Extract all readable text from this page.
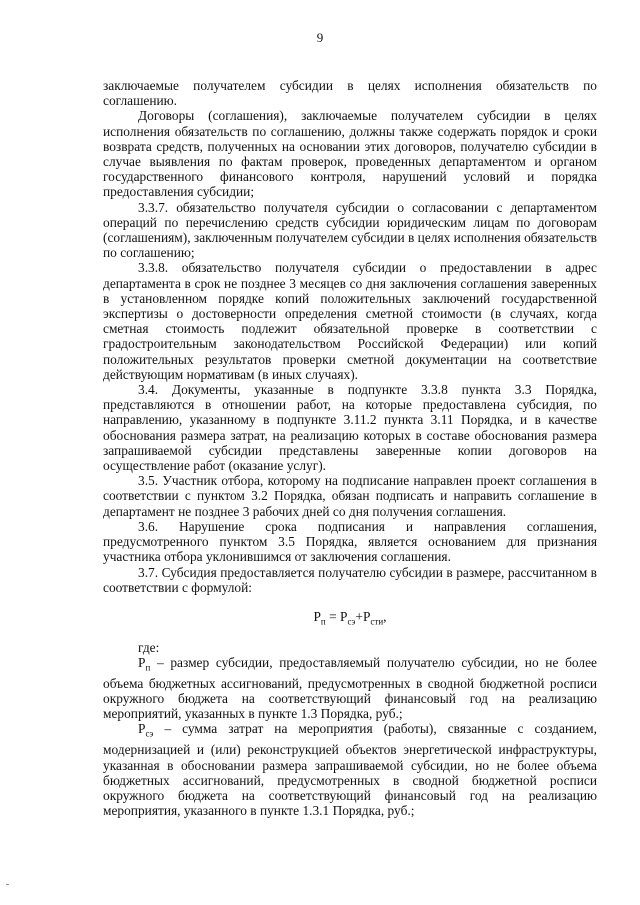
9

заключаемые получателем субсидии в целях исполнения обязательств по соглашению.

Договоры (соглашения), заключаемые получателем субсидии в целях исполнения обязательств по соглашению, должны также содержать порядок и сроки возврата средств, полученных на основании этих договоров, получателю субсидии в случае выявления по фактам проверок, проведенных департаментом и органом государственного финансового контроля, нарушений условий и порядка предоставления субсидии;

3.3.7. обязательство получателя субсидии о согласовании с департаментом операций по перечислению средств субсидии юридическим лицам по договорам (соглашениям), заключенным получателем субсидии в целях исполнения обязательств по соглашению;

3.3.8. обязательство получателя субсидии о предоставлении в адрес департамента в срок не позднее 3 месяцев со дня заключения соглашения заверенных в установленном порядке копий положительных заключений государственной экспертизы о достоверности определения сметной стоимости (в случаях, когда сметная стоимость подлежит обязательной проверке в соответствии с градостроительным законодательством Российской Федерации) или копий положительных результатов проверки сметной документации на соответствие действующим нормативам (в иных случаях).

3.4. Документы, указанные в подпункте 3.3.8 пункта 3.3 Порядка, представляются в отношении работ, на которые предоставлена субсидия, по направлению, указанному в подпункте 3.11.2 пункта 3.11 Порядка, и в качестве обоснования размера затрат, на реализацию которых в составе обоснования размера запрашиваемой субсидии представлены заверенные копии договоров на осуществление работ (оказание услуг).

3.5. Участник отбора, которому на подписание направлен проект соглашения в соответствии с пунктом 3.2 Порядка, обязан подписать и направить соглашение в департамент не позднее 3 рабочих дней со дня получения соглашения.

3.6. Нарушение срока подписания и направления соглашения, предусмотренного пунктом 3.5 Порядка, является основанием для признания участника отбора уклонившимся от заключения соглашения.

3.7. Субсидия предоставляется получателю субсидии в размере, рассчитанном в соответствии с формулой:

$P_п = P_{сэ}+P_{сти}$,

где:

$P_п$ – размер субсидии, предоставляемый получателю субсидии, но не более объема бюджетных ассигнований, предусмотренных в сводной бюджетной росписи окружного бюджета на соответствующий финансовый год на реализацию мероприятий, указанных в пункте 1.3 Порядка, руб.;

$P_{сэ}$ – сумма затрат на мероприятия (работы), связанные с созданием, модернизацией и (или) реконструкцией объектов энергетической инфраструктуры, указанная в обосновании размера запрашиваемой субсидии, но не более объема бюджетных ассигнований, предусмотренных в сводной бюджетной росписи окружного бюджета на соответствующий финансовый год на реализацию мероприятия, указанного в пункте 1.3.1 Порядка, руб.;
